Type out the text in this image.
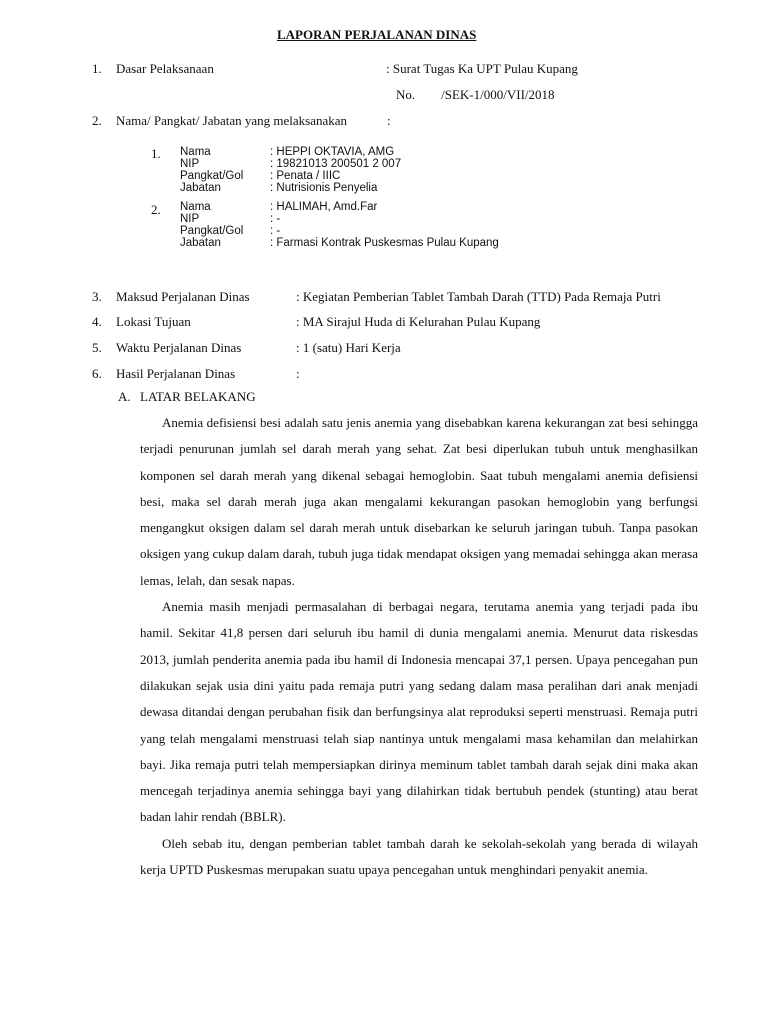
LAPORAN PERJALANAN DINAS
1. Dasar Pelaksanaan	: Surat Tugas Ka UPT Pulau Kupang
No.        /SEK-1/000/VII/2018
2. Nama/ Pangkat/ Jabatan yang melaksanakan	:
1. Nama	: HEPPI OKTAVIA, AMG
NIP	: 19821013 200501 2 007
Pangkat/Gol : Penata / IIIC
Jabatan	: Nutrisionis Penyelia
2. Nama	: HALIMAH, Amd.Far
NIP	: -
Pangkat/Gol : -
Jabatan	: Farmasi Kontrak Puskesmas Pulau Kupang
3. Maksud Perjalanan Dinas	: Kegiatan Pemberian Tablet Tambah Darah (TTD) Pada Remaja Putri
4. Lokasi Tujuan	: MA Sirajul Huda di Kelurahan Pulau Kupang
5. Waktu Perjalanan Dinas	: 1 (satu) Hari Kerja
6. Hasil Perjalanan Dinas	:
A. LATAR BELAKANG

Anemia defisiensi besi adalah satu jenis anemia yang disebabkan karena kekurangan zat besi sehingga terjadi penurunan jumlah sel darah merah yang sehat. Zat besi diperlukan tubuh untuk menghasilkan komponen sel darah merah yang dikenal sebagai hemoglobin. Saat tubuh mengalami anemia defisiensi besi, maka sel darah merah juga akan mengalami kekurangan pasokan hemoglobin yang berfungsi mengangkut oksigen dalam sel darah merah untuk disebarkan ke seluruh jaringan tubuh. Tanpa pasokan oksigen yang cukup dalam darah, tubuh juga tidak mendapat oksigen yang memadai sehingga akan merasa lemas, lelah, dan sesak napas.

Anemia masih menjadi permasalahan di berbagai negara, terutama anemia yang terjadi pada ibu hamil. Sekitar 41,8 persen dari seluruh ibu hamil di dunia mengalami anemia. Menurut data riskesdas 2013, jumlah penderita anemia pada ibu hamil di Indonesia mencapai 37,1 persen. Upaya pencegahan pun dilakukan sejak usia dini yaitu pada remaja putri yang sedang dalam masa peralihan dari anak menjadi dewasa ditandai dengan perubahan fisik dan berfungsinya alat reproduksi seperti menstruasi. Remaja putri yang telah mengalami menstruasi telah siap nantinya untuk mengalami masa kehamilan dan melahirkan bayi. Jika remaja putri telah mempersiapkan dirinya meminum tablet tambah darah sejak dini maka akan mencegah terjadinya anemia sehingga bayi yang dilahirkan tidak bertubuh pendek (stunting) atau berat badan lahir rendah (BBLR).

Oleh sebab itu, dengan pemberian tablet tambah darah ke sekolah-sekolah yang berada di wilayah kerja UPTD Puskesmas merupakan suatu upaya pencegahan untuk menghindari penyakit anemia.
